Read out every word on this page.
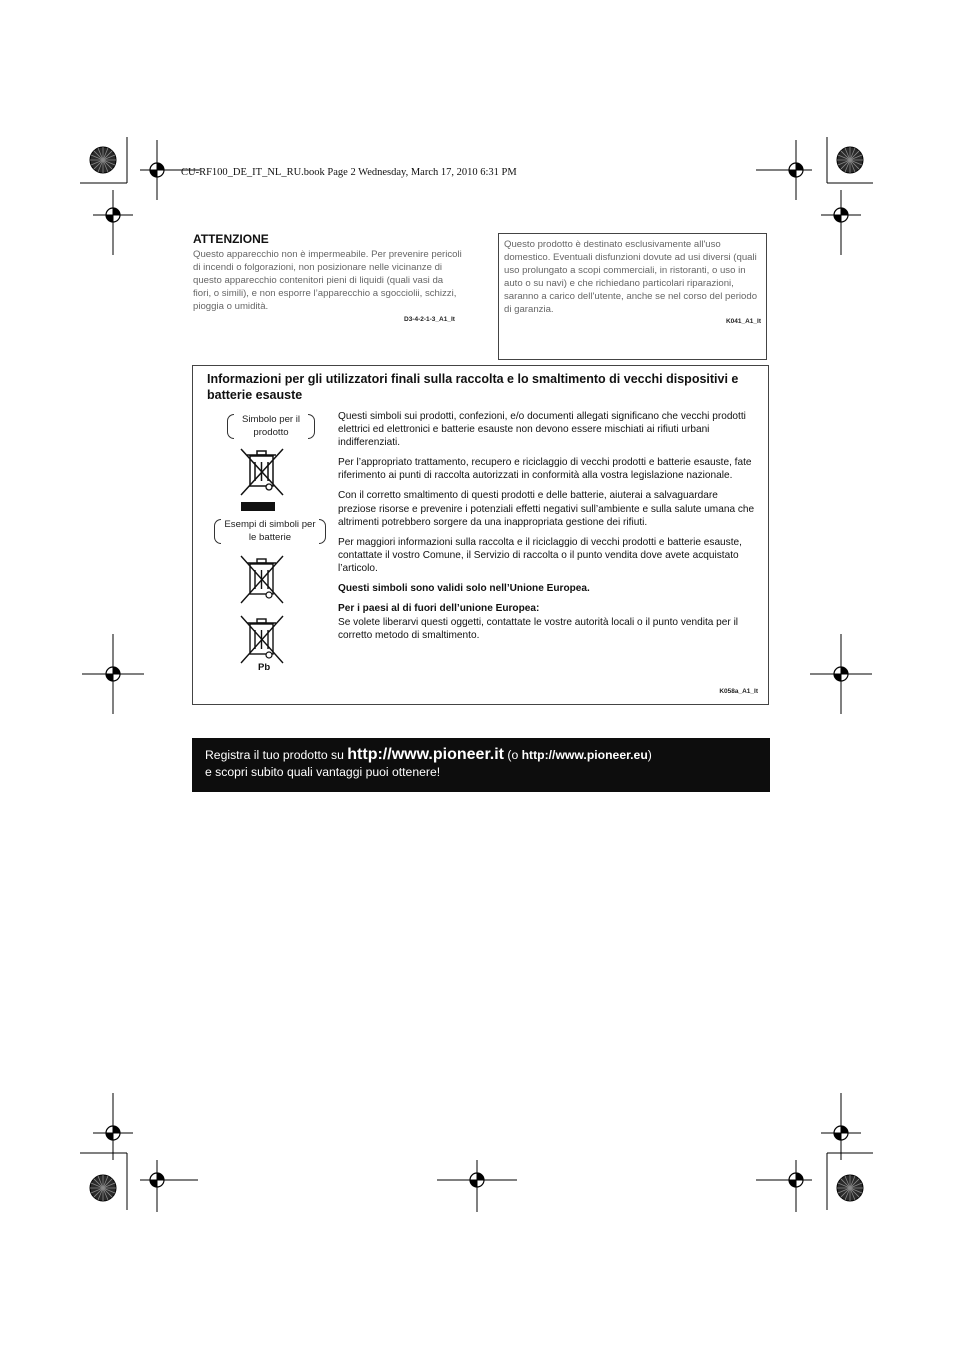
CU-RF100_DE_IT_NL_RU.book Page 2 Wednesday, March 17, 2010 6:31 PM
ATTENZIONE
Questo apparecchio non è impermeabile. Per prevenire pericoli di incendi o folgorazioni, non posizionare nelle vicinanze di questo apparecchio contenitori pieni di liquidi (quali vasi da fiori, o simili), e non esporre l’apparecchio a sgocciolii, schizzi, pioggia o umidità.
D3-4-2-1-3_A1_It
Questo prodotto è destinato esclusivamente all'uso domestico. Eventuali disfunzioni dovute ad usi diversi (quali uso prolungato a scopi commerciali, in ristoranti, o uso in auto o su navi) e che richiedano particolari riparazioni, saranno a carico dell'utente, anche se nel corso del periodo di garanzia.
K041_A1_It
Informazioni per gli utilizzatori finali sulla raccolta e lo smaltimento di vecchi dispositivi e batterie esauste
Simbolo per il prodotto
Esempi di simboli per le batterie
Pb

Questi simboli sui prodotti, confezioni, e/o documenti allegati significano che vecchi prodotti elettrici ed elettronici e batterie esauste non devono essere mischiati ai rifiuti urbani indifferenziati.

Per l’appropriato trattamento, recupero e riciclaggio di vecchi prodotti e batterie esauste, fate riferimento ai punti di raccolta autorizzati in conformità alla vostra legislazione nazionale.

Con il corretto smaltimento di questi prodotti e delle batterie, aiuterai a salvaguardare preziose risorse e prevenire i potenziali effetti negativi sull’ambiente e sulla salute umana che altrimenti potrebbero sorgere da una inappropriata gestione dei rifiuti.

Per maggiori informazioni sulla raccolta e il riciclaggio di vecchi prodotti e batterie esauste, contattate il vostro Comune, il Servizio di raccolta o il punto vendita dove avete acquistato l’articolo.

Questi simboli sono validi solo nell’Unione Europea.

Per i paesi al di fuori dell’unione Europea:

Se volete liberarvi questi oggetti, contattate le vostre autorità locali o il punto vendita per il corretto metodo di smaltimento.

K058a_A1_It
Registra il tuo prodotto su http://www.pioneer.it (o http://www.pioneer.eu)
e scopri subito quali vantaggi puoi ottenere!
